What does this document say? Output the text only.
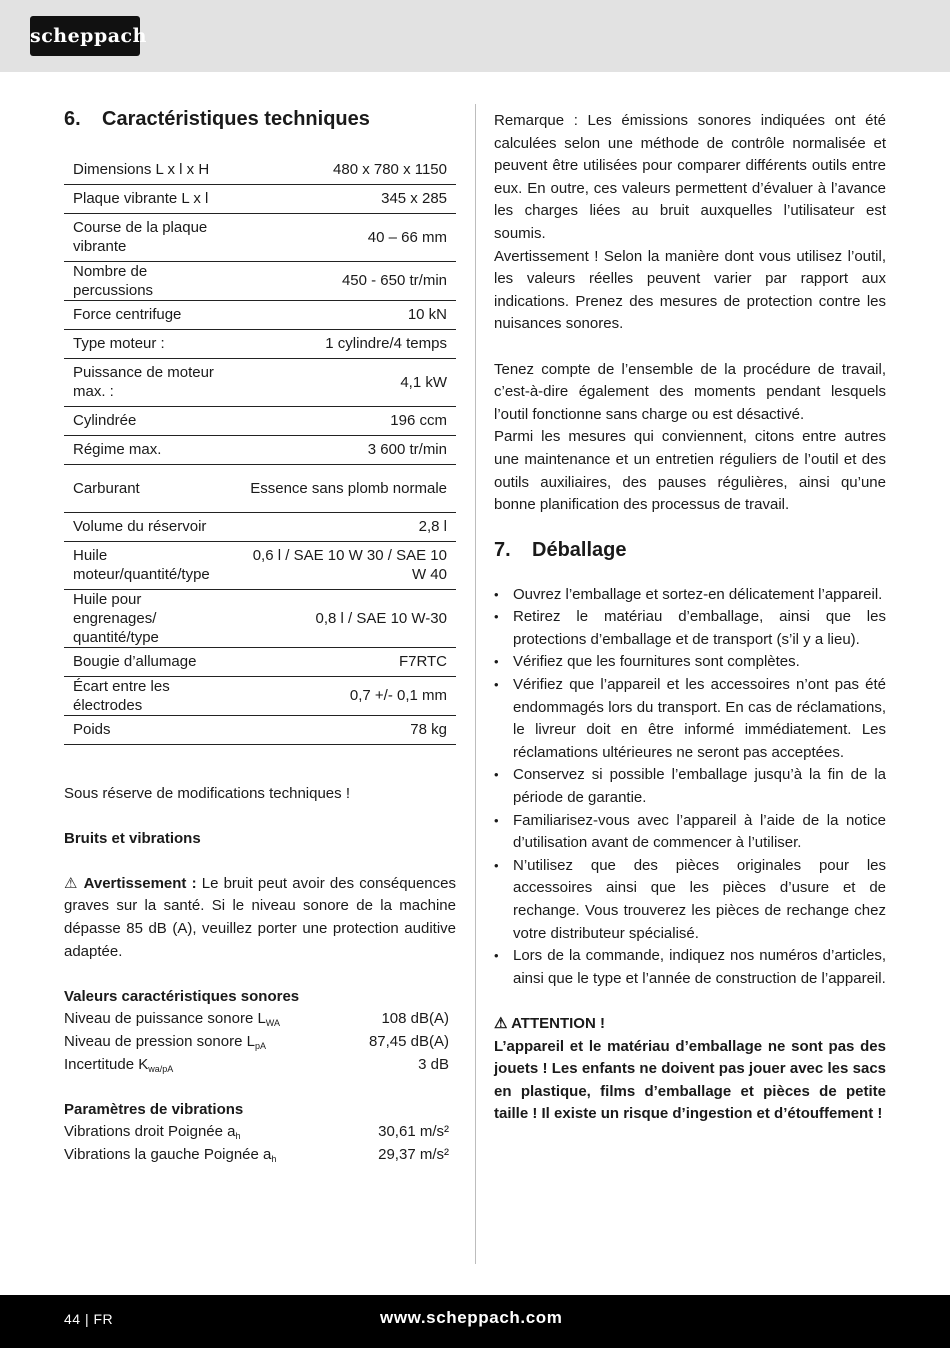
scheppach
6.	Caractéristiques techniques
Dimensions L x l x H	480 x 780 x 1150
Plaque vibrante L x l	345 x 285
Course de la plaque vibrante	40 – 66 mm
Nombre de percussions	450 - 650 tr/min
Force centrifuge	10 kN
Type moteur :	1 cylindre/4 temps
Puissance de moteur max. :	4,1 kW
Cylindrée	196 ccm
Régime max.	3 600 tr/min
Carburant	Essence sans plomb normale
Volume du réservoir	2,8 l
Huile moteur/quantité/type	0,6 l / SAE 10 W 30 / SAE 10 W 40
Huile pour engrenages/ quantité/type	0,8 l / SAE 10 W-30
Bougie d’allumage	F7RTC
Écart entre les électrodes	0,7 +/- 0,1 mm
Poids	78 kg

Sous réserve de modifications techniques !

Bruits et vibrations

⚠ Avertissement : Le bruit peut avoir des conséquences graves sur la santé. Si le niveau sonore de la machine dépasse 85 dB (A), veuillez porter une protection auditive adaptée.

Valeurs caractéristiques sonores

Niveau de puissance sonore $L_{WA}$	108 dB(A)
Niveau de pression sonore $L_{pA}$	87,45 dB(A)
Incertitude $K_{wa/pA}$	3 dB

Paramètres de vibrations

Vibrations droit Poignée $a_h$	30,61 m/s²
Vibrations la gauche Poignée $a_h$	29,37 m/s²

Remarque : Les émissions sonores indiquées ont été calculées selon une méthode de contrôle normalisée et peuvent être utilisées pour comparer différents outils entre eux. En outre, ces valeurs permettent d’évaluer à l’avance les charges liées au bruit auxquelles l’utilisateur est soumis.

Avertissement ! Selon la manière dont vous utilisez l’outil, les valeurs réelles peuvent varier par rapport aux indications. Prenez des mesures de protection contre les nuisances sonores.

Tenez compte de l’ensemble de la procédure de travail, c’est-à-dire également des moments pendant lesquels l’outil fonctionne sans charge ou est désactivé.

Parmi les mesures qui conviennent, citons entre autres une maintenance et un entretien réguliers de l’outil et des outils auxiliaires, des pauses régulières, ainsi qu’une bonne planification des processus de travail.

7.	Déballage
• Ouvrez l’emballage et sortez-en délicatement l’appareil.
• Retirez le matériau d’emballage, ainsi que les protections d’emballage et de transport (s’il y a lieu).
• Vérifiez que les fournitures sont complètes.
• Vérifiez que l’appareil et les accessoires n’ont pas été endommagés lors du transport. En cas de réclamations, le livreur doit en être informé immédiatement. Les réclamations ultérieures ne seront pas acceptées.
• Conservez si possible l’emballage jusqu’à la fin de la période de garantie.
• Familiarisez-vous avec l’appareil à l’aide de la notice d’utilisation avant de commencer à l’utiliser.
• N’utilisez que des pièces originales pour les accessoires ainsi que les pièces d’usure et de rechange. Vous trouverez les pièces de rechange chez votre distributeur spécialisé.
• Lors de la commande, indiquez nos numéros d’articles, ainsi que le type et l’année de construction de l’appareil.

⚠ ATTENTION !

L’appareil et le matériau d’emballage ne sont pas des jouets ! Les enfants ne doivent pas jouer avec les sacs en plastique, films d’emballage et pièces de petite taille ! Il existe un risque d’ingestion et d’étouffement !

44 | FR	www.scheppach.com
